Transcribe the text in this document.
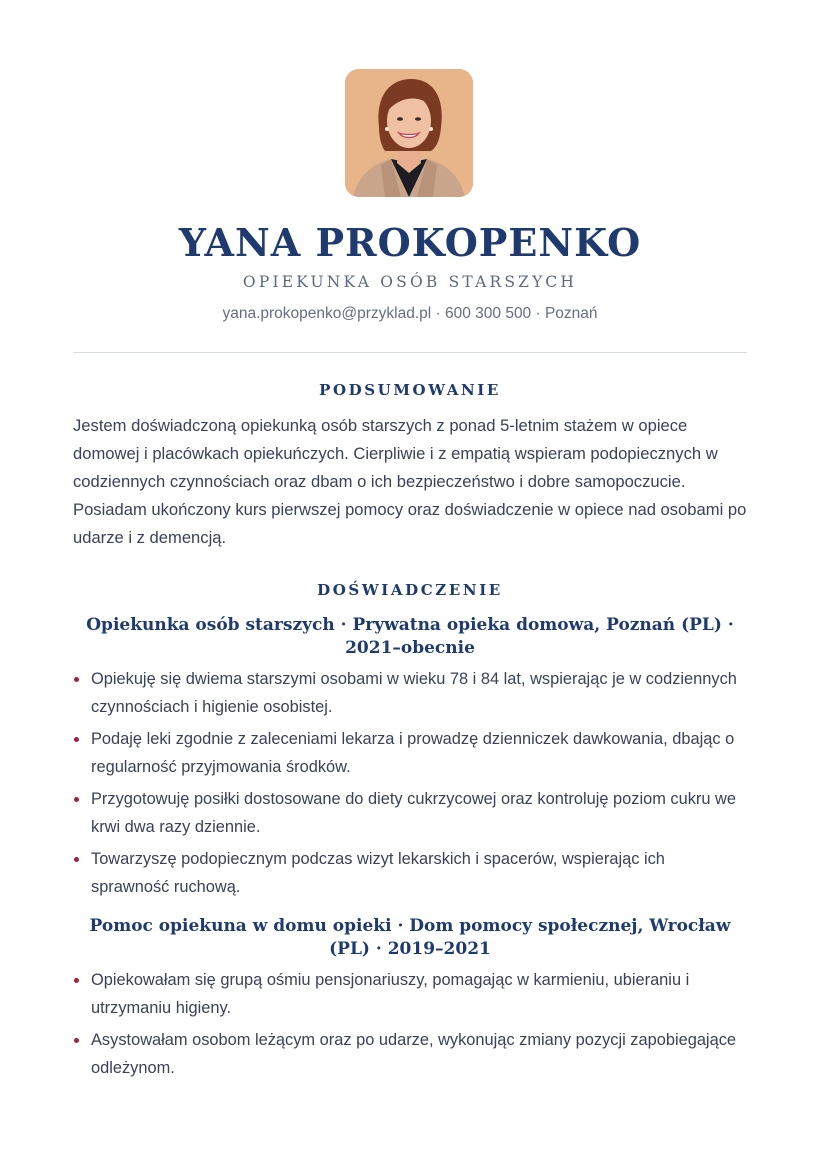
YANA PROKOPENKO
OPIEKUNKA OSÓB STARSZYCH
yana.prokopenko@przyklad.pl · 600 300 500 · Poznań
PODSUMOWANIE

Jestem doświadczoną opiekunką osób starszych z ponad 5-letnim stażem w opiece domowej i placówkach opiekuńczych. Cierpliwie i z empatią wspieram podopiecznych w codziennych czynnościach oraz dbam o ich bezpieczeństwo i dobre samopoczucie. Posiadam ukończony kurs pierwszej pomocy oraz doświadczenie w opiece nad osobami po udarze i z demencją.

DOŚWIADCZENIE
Opiekunka osób starszych · Prywatna opieka domowa, Poznań (PL) · 2021–obecnie
Opiekuję się dwiema starszymi osobami w wieku 78 i 84 lat, wspierając je w codziennych czynnościach i higienie osobistej.
Podaję leki zgodnie z zaleceniami lekarza i prowadzę dzienniczek dawkowania, dbając o regularność przyjmowania środków.
Przygotowuję posiłki dostosowane do diety cukrzycowej oraz kontroluję poziom cukru we krwi dwa razy dziennie.
Towarzyszę podopiecznym podczas wizyt lekarskich i spacerów, wspierając ich sprawność ruchową.
Pomoc opiekuna w domu opieki · Dom pomocy społecznej, Wrocław (PL) · 2019–2021
Opiekowałam się grupą ośmiu pensjonariuszy, pomagając w karmieniu, ubieraniu i utrzymaniu higieny.
Asystowałam osobom leżącym oraz po udarze, wykonując zmiany pozycji zapobiegające odleżynom.
